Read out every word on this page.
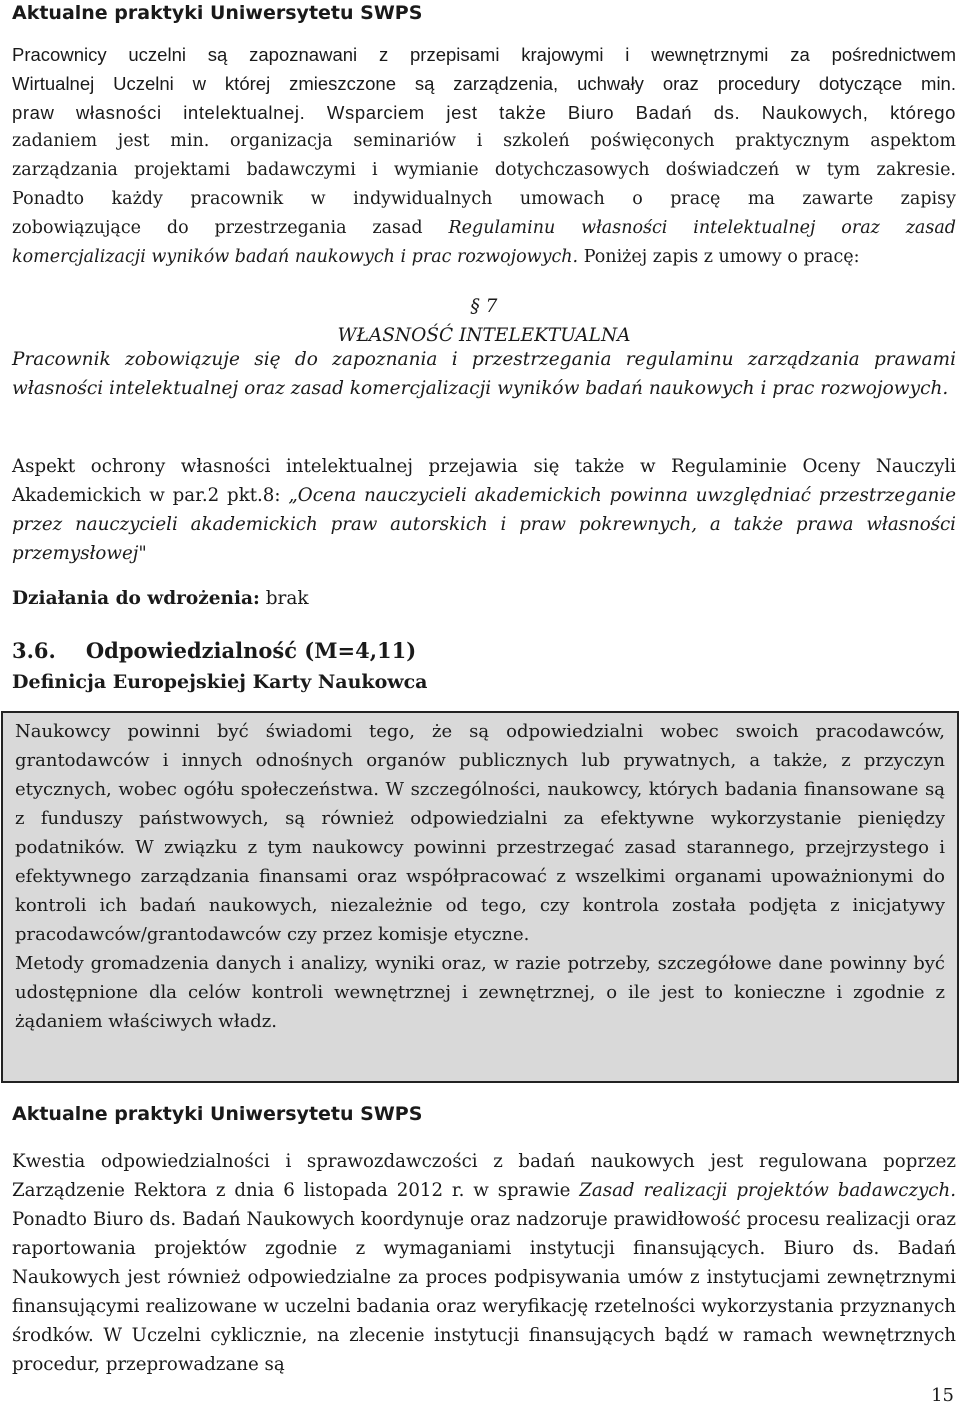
Aktualne praktyki Uniwersytetu SWPS

Pracownicy uczelni są zapoznawani z przepisami krajowymi i wewnętrznymi za pośrednictwem
Wirtualnej Uczelni w której zmieszczone są zarządzenia, uchwały oraz procedury dotyczące min.
praw własności intelektualnej. Wsparciem jest także Biuro Badań ds. Naukowych, którego
zadaniem jest min. organizacja seminariów i szkoleń poświęconych praktycznym aspektom
zarządzania projektami badawczymi i wymianie dotychczasowych doświadczeń w tym zakresie.
Ponadto każdy pracownik w indywidualnych umowach o pracę ma zawarte zapisy
zobowiązujące do przestrzegania zasad Regulaminu własności intelektualnej oraz zasad
komercjalizacji wyników badań naukowych i prac rozwojowych. Poniżej zapis z umowy o pracę:
§ 7
WŁASNOŚĆ INTELEKTUALNA

Pracownik zobowiązuje się do zapoznania i przestrzegania regulaminu zarządzania prawami własności intelektualnej oraz zasad komercjalizacji wyników badań naukowych i prac rozwojowych.

Aspekt ochrony własności intelektualnej przejawia się także w Regulaminie Oceny Nauczyli Akademickich w par.2 pkt.8: „Ocena nauczycieli akademickich powinna uwzględniać przestrzeganie przez nauczycieli akademickich praw autorskich i praw pokrewnych, a także prawa własności przemysłowej"

Działania do wdrożenia: brak

3.6. Odpowiedzialność (M=4,11)

Definicja Europejskiej Karty Naukowca

Naukowcy powinni być świadomi tego, że są odpowiedzialni wobec swoich pracodawców, grantodawców i innych odnośnych organów publicznych lub prywatnych, a także, z przyczyn etycznych, wobec ogółu społeczeństwa. W szczególności, naukowcy, których badania finansowane są z funduszy państwowych, są również odpowiedzialni za efektywne wykorzystanie pieniędzy podatników. W związku z tym naukowcy powinni przestrzegać zasad starannego, przejrzystego i efektywnego zarządzania finansami oraz współpracować z wszelkimi organami upoważnionymi do kontroli ich badań naukowych, niezależnie od tego, czy kontrola została podjęta z inicjatywy pracodawców/grantodawców czy przez komisje etyczne.

Metody gromadzenia danych i analizy, wyniki oraz, w razie potrzeby, szczegółowe dane powinny być udostępnione dla celów kontroli wewnętrznej i zewnętrznej, o ile jest to konieczne i zgodnie z żądaniem właściwych władz.

Aktualne praktyki Uniwersytetu SWPS

Kwestia odpowiedzialności i sprawozdawczości z badań naukowych jest regulowana poprzez Zarządzenie Rektora z dnia 6 listopada 2012 r. w sprawie Zasad realizacji projektów badawczych. Ponadto Biuro ds. Badań Naukowych koordynuje oraz nadzoruje prawidłowość procesu realizacji oraz raportowania projektów zgodnie z wymaganiami instytucji finansujących. Biuro ds. Badań Naukowych jest również odpowiedzialne za proces podpisywania umów z instytucjami zewnętrznymi finansującymi realizowane w uczelni badania oraz weryfikację rzetelności wykorzystania przyznanych środków. W Uczelni cyklicznie, na zlecenie instytucji finansujących bądź w ramach wewnętrznych procedur, przeprowadzane są

15
